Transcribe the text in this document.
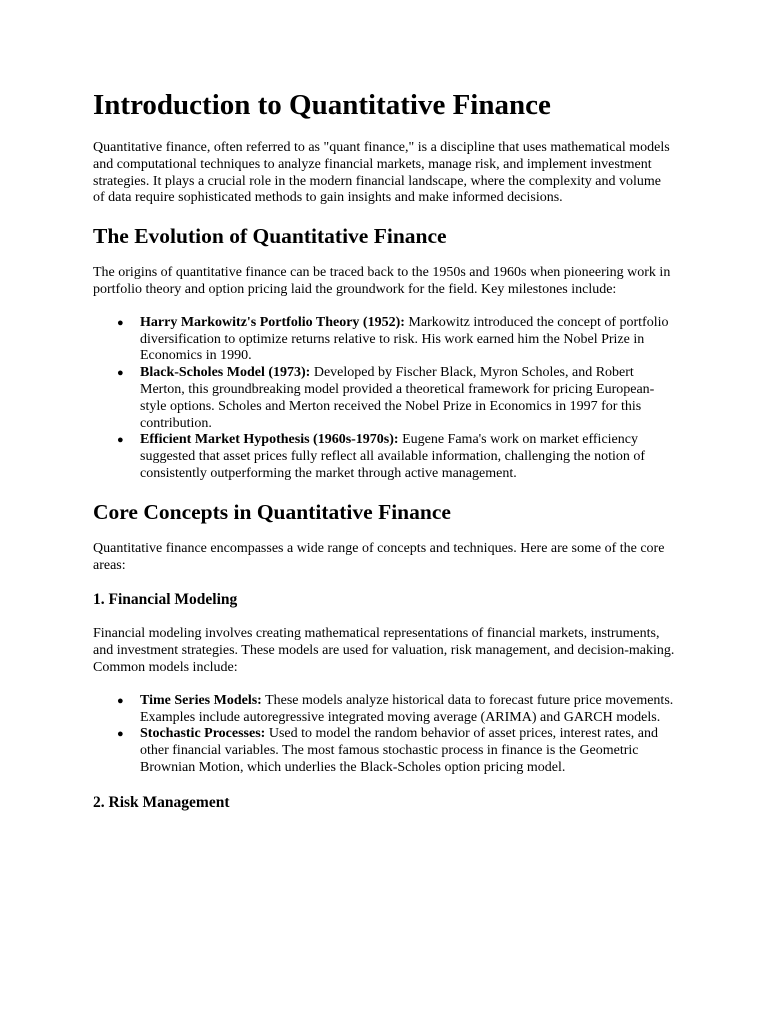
Introduction to Quantitative Finance

Quantitative finance, often referred to as "quant finance," is a discipline that uses mathematical models and computational techniques to analyze financial markets, manage risk, and implement investment strategies. It plays a crucial role in the modern financial landscape, where the complexity and volume of data require sophisticated methods to gain insights and make informed decisions.

The Evolution of Quantitative Finance

The origins of quantitative finance can be traced back to the 1950s and 1960s when pioneering work in portfolio theory and option pricing laid the groundwork for the field. Key milestones include:

● Harry Markowitz's Portfolio Theory (1952): Markowitz introduced the concept of portfolio diversification to optimize returns relative to risk. His work earned him the Nobel Prize in Economics in 1990.
● Black-Scholes Model (1973): Developed by Fischer Black, Myron Scholes, and Robert Merton, this groundbreaking model provided a theoretical framework for pricing European-style options. Scholes and Merton received the Nobel Prize in Economics in 1997 for this contribution.
● Efficient Market Hypothesis (1960s-1970s): Eugene Fama's work on market efficiency suggested that asset prices fully reflect all available information, challenging the notion of consistently outperforming the market through active management.
Core Concepts in Quantitative Finance

Quantitative finance encompasses a wide range of concepts and techniques. Here are some of the core areas:

1. Financial Modeling

Financial modeling involves creating mathematical representations of financial markets, instruments, and investment strategies. These models are used for valuation, risk management, and decision-making. Common models include:

● Time Series Models: These models analyze historical data to forecast future price movements. Examples include autoregressive integrated moving average (ARIMA) and GARCH models.
● Stochastic Processes: Used to model the random behavior of asset prices, interest rates, and other financial variables. The most famous stochastic process in finance is the Geometric Brownian Motion, which underlies the Black-Scholes option pricing model.
2. Risk Management
